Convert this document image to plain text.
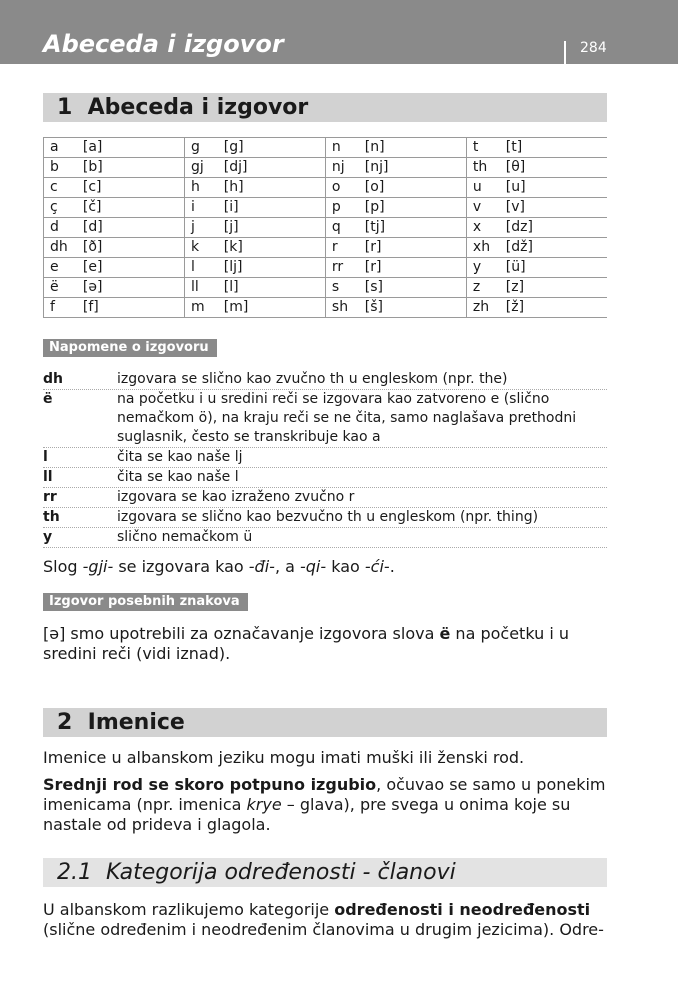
Abeceda i izgovor	284
1 Abeceda i izgovor
a	[a]	g	[g]	n	[n]	t	[t]
b	[b]	gj	[dj]	nj	[nj]	th	[θ]
c	[c]	h	[h]	o	[o]	u	[u]
ç	[č]	i	[i]	p	[p]	v	[v]
d	[d]	j	[j]	q	[tj]	x	[dz]
dh	[ð]	k	[k]	r	[r]	xh	[dž]
e	[e]	l	[lj]	rr	[r]	y	[ü]
ë	[ə]	ll	[l]	s	[s]	z	[z]
f	[f]	m	[m]	sh	[š]	zh	[ž]
Napomene o izgovoru
dh	izgovara se slično kao zvučno th u engleskom (npr. the)
ë	na početku i u sredini reči se izgovara kao zatvoreno e (slično nemačkom ö), na kraju reči se ne čita, samo naglašava prethodni suglasnik, često se transkribuje kao a
l	čita se kao naše lj
ll	čita se kao naše l
rr	izgovara se kao izraženo zvučno r
th	izgovara se slično kao bezvučno th u engleskom (npr. thing)
y	slično nemačkom ü
Slog -gji- se izgovara kao -đi-, a -qi- kao -ći-.
Izgovor posebnih znakova
[ə] smo upotrebili za označavanje izgovora slova ë na početku i u sredini reči (vidi iznad).
2 Imenice
Imenice u albanskom jeziku mogu imati muški ili ženski rod.
Srednji rod se skoro potpuno izgubio, očuvao se samo u ponekim imenicama (npr. imenica krye – glava), pre svega u onima koje su nastale od prideva i glagola.
2.1 Kategorija određenosti - članovi
U albanskom razlikujemo kategorije određenosti i neodređenosti (slične određenim i neodređenim članovima u drugim jezicima). Odre-
